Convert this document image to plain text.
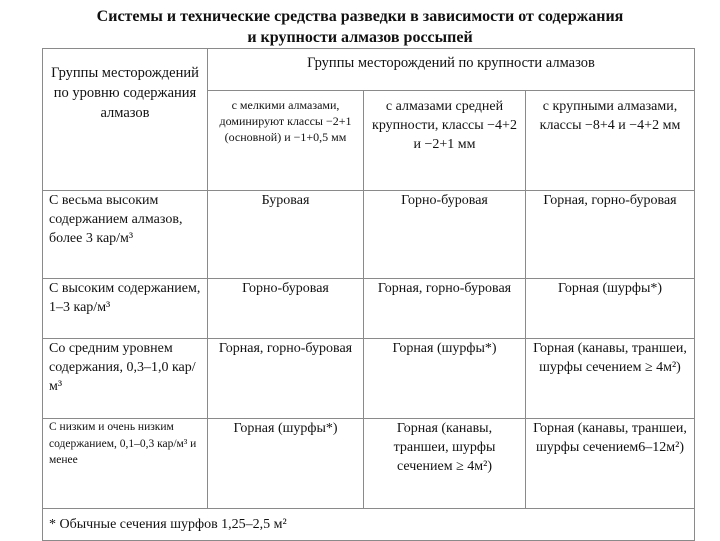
Системы и технические средства разведки в зависимости от содержания
и крупности алмазов россыпей
Группы месторождений по уровню содержания алмазов	Группы месторождений по крупности алмазов		
	с мелкими алмазами, доминируют классы −2+1 (основной) и −1+0,5 мм	с алмазами средней крупности, классы −4+2 и −2+1 мм	с крупными алмазами, классы −8+4 и −4+2 мм
С весьма высоким содержанием алмазов, более 3 кар/м³	Буровая	Горно-буровая	Горная, горно-буровая
С высоким содержанием, 1–3 кар/м³	Горно-буровая	Горная, горно-буровая	Горная (шурфы*)
Со средним уровнем содержания, 0,3–1,0 кар/м³	Горная, горно-буровая	Горная (шурфы*)	Горная (канавы, траншеи, шурфы сечением ≥ 4м²)
С низким и очень низким содержанием, 0,1–0,3 кар/м³ и менее	Горная (шурфы*)	Горная (канавы, траншеи, шурфы сечением ≥ 4м²)	Горная (канавы, траншеи, шурфы сечением6–12м²)
* Обычные сечения шурфов 1,25–2,5 м²			
